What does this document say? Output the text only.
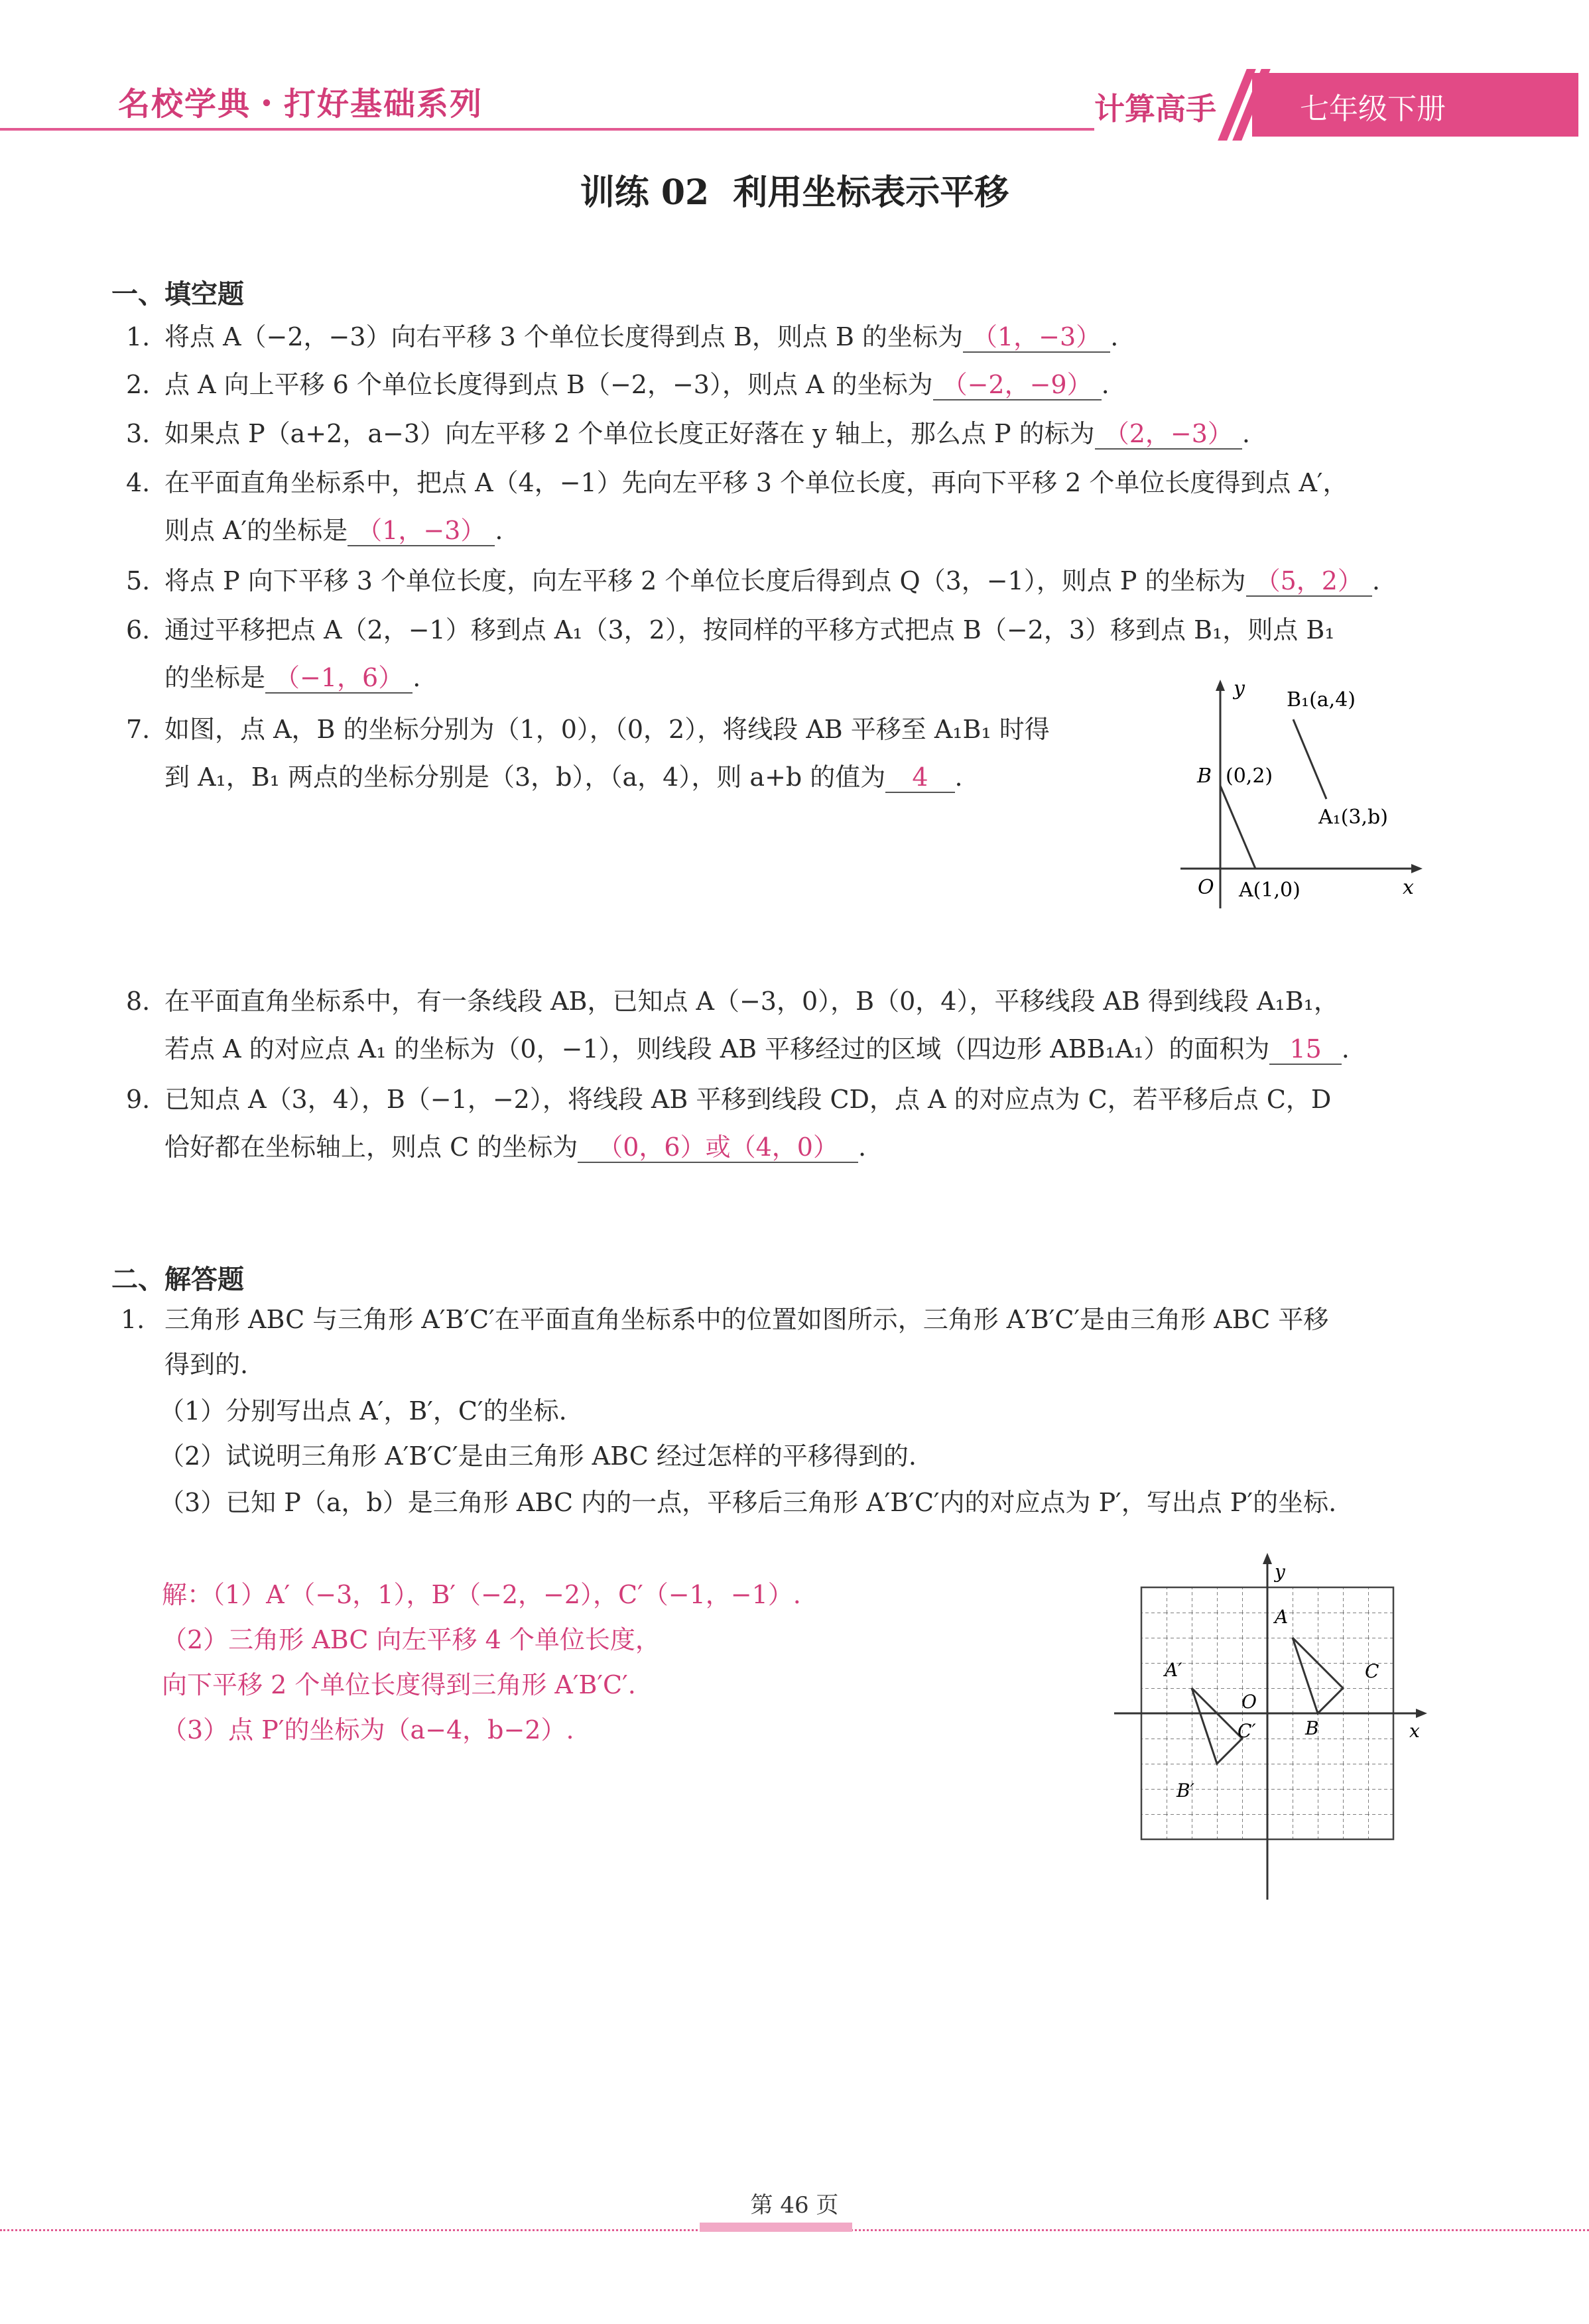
名校学典・打好基础系列	计算高手	七年级下册
训练 02 利用坐标表示平移
一、填空题
1. 将点 A（−2，−3）向右平移 3 个单位长度得到点 B，则点 B 的坐标为 （1，−3） .
2. 点 A 向上平移 6 个单位长度得到点 B（−2，−3），则点 A 的坐标为 （−2，−9） .
3. 如果点 P（a+2，a−3）向左平移 2 个单位长度正好落在 y 轴上，那么点 P 的标为 （2，−3） .
4. 在平面直角坐标系中，把点 A（4，−1）先向左平移 3 个单位长度，再向下平移 2 个单位长度得到点 A′，
则点 A′的坐标是 （1，−3） .
5. 将点 P 向下平移 3 个单位长度，向左平移 2 个单位长度后得到点 Q（3，−1），则点 P 的坐标为 （5，2） .
6. 通过平移把点 A（2，−1）移到点 A₁（3，2），按同样的平移方式把点 B（−2，3）移到点 B₁，则点 B₁
的坐标是 （−1，6） .
7. 如图，点 A，B 的坐标分别为（1，0），（0，2），将线段 AB 平移至 A₁B₁ 时得
到 A₁，B₁ 两点的坐标分别是（3，b），（a，4），则 a+b 的值为 4 .
y
x
O
B₁(a,4)
B (0,2)
A₁(3,b)
A(1,0)
8. 在平面直角坐标系中，有一条线段 AB，已知点 A（−3，0），B（0，4），平移线段 AB 得到线段 A₁B₁，
若点 A 的对应点 A₁ 的坐标为（0，−1），则线段 AB 平移经过的区域（四边形 ABB₁A₁）的面积为 15 .
9. 已知点 A（3，4），B（−1，−2），将线段 AB 平移到线段 CD，点 A 的对应点为 C，若平移后点 C，D
恰好都在坐标轴上，则点 C 的坐标为 （0，6）或（4，0） .
二、解答题
1. 三角形 ABC 与三角形 A′B′C′在平面直角坐标系中的位置如图所示，三角形 A′B′C′是由三角形 ABC 平移
得到的.
（1）分别写出点 A′，B′，C′的坐标.
（2）试说明三角形 A′B′C′是由三角形 ABC 经过怎样的平移得到的.
（3）已知 P（a，b）是三角形 ABC 内的一点，平移后三角形 A′B′C′内的对应点为 P′，写出点 P′的坐标.
解：（1）A′（−3，1），B′（−2，−2），C′（−1，−1）.
（2）三角形 ABC 向左平移 4 个单位长度，
向下平移 2 个单位长度得到三角形 A′B′C′.
（3）点 P′的坐标为（a−4，b−2）.
y
x
O
A
C
B
A′
C′
B′
第 46 页
